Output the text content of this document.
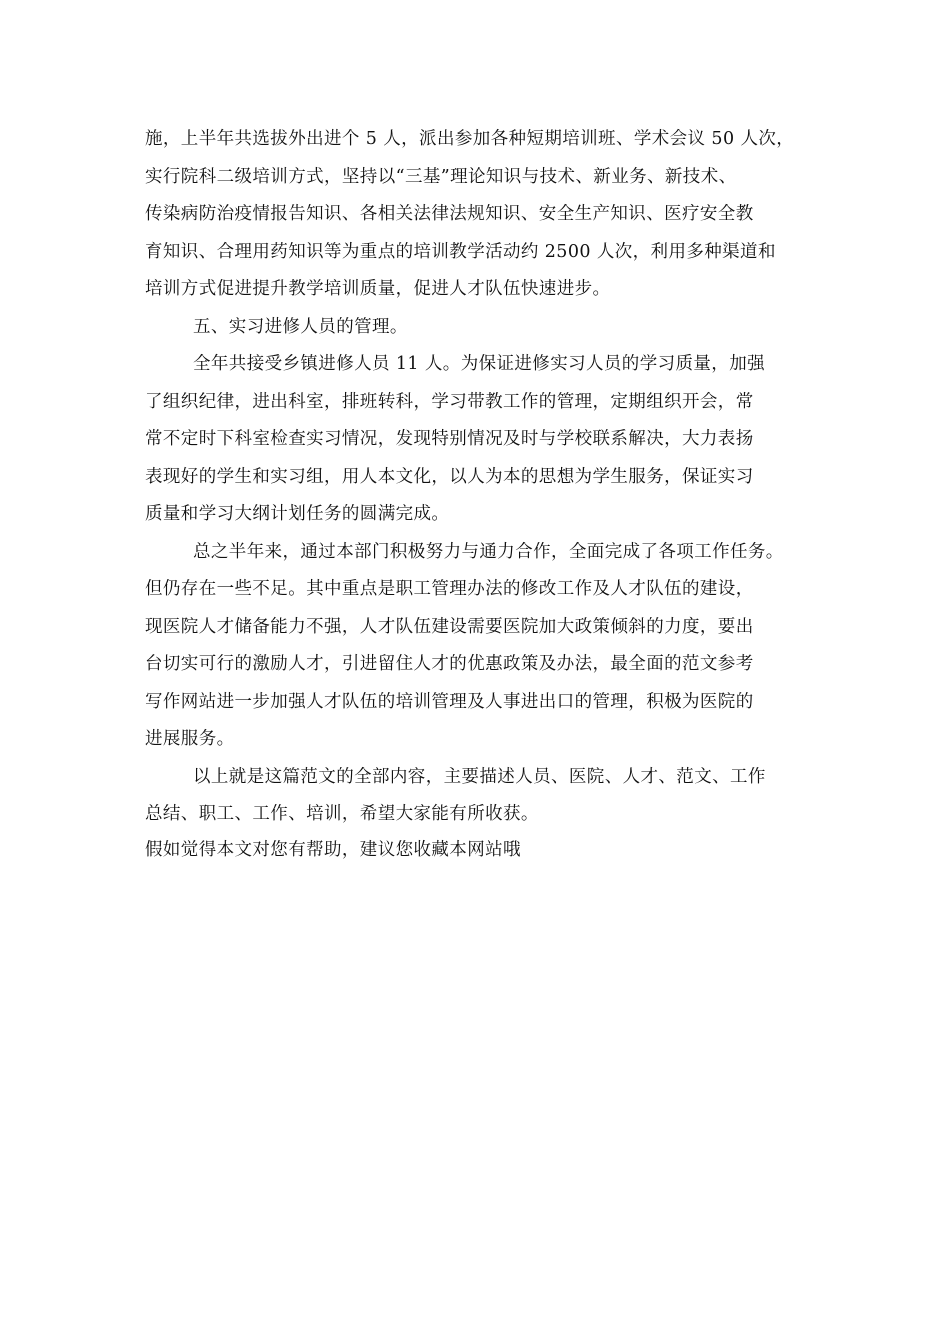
施，上半年共选拔外出进个 5 人，派出参加各种短期培训班、学术会议 50 人次，
实行院科二级培训方式，坚持以“三基”理论知识与技术、新业务、新技术、
传染病防治疫情报告知识、各相关法律法规知识、安全生产知识、医疗安全教
育知识、合理用药知识等为重点的培训教学活动约 2500 人次，利用多种渠道和
培训方式促进提升教学培训质量，促进人才队伍快速进步。
五、实习进修人员的管理。
全年共接受乡镇进修人员 11 人。为保证进修实习人员的学习质量，加强
了组织纪律，进出科室，排班转科，学习带教工作的管理，定期组织开会，常
常不定时下科室检查实习情况，发现特别情况及时与学校联系解决，大力表扬
表现好的学生和实习组，用人本文化，以人为本的思想为学生服务，保证实习
质量和学习大纲计划任务的圆满完成。
总之半年来，通过本部门积极努力与通力合作，全面完成了各项工作任务。
但仍存在一些不足。其中重点是职工管理办法的修改工作及人才队伍的建设，
现医院人才储备能力不强，人才队伍建设需要医院加大政策倾斜的力度，要出
台切实可行的激励人才，引进留住人才的优惠政策及办法，最全面的范文参考
写作网站进一步加强人才队伍的培训管理及人事进出口的管理，积极为医院的
进展服务。
以上就是这篇范文的全部内容，主要描述人员、医院、人才、范文、工作
总结、职工、工作、培训，希望大家能有所收获。
假如觉得本文对您有帮助，建议您收藏本网站哦
